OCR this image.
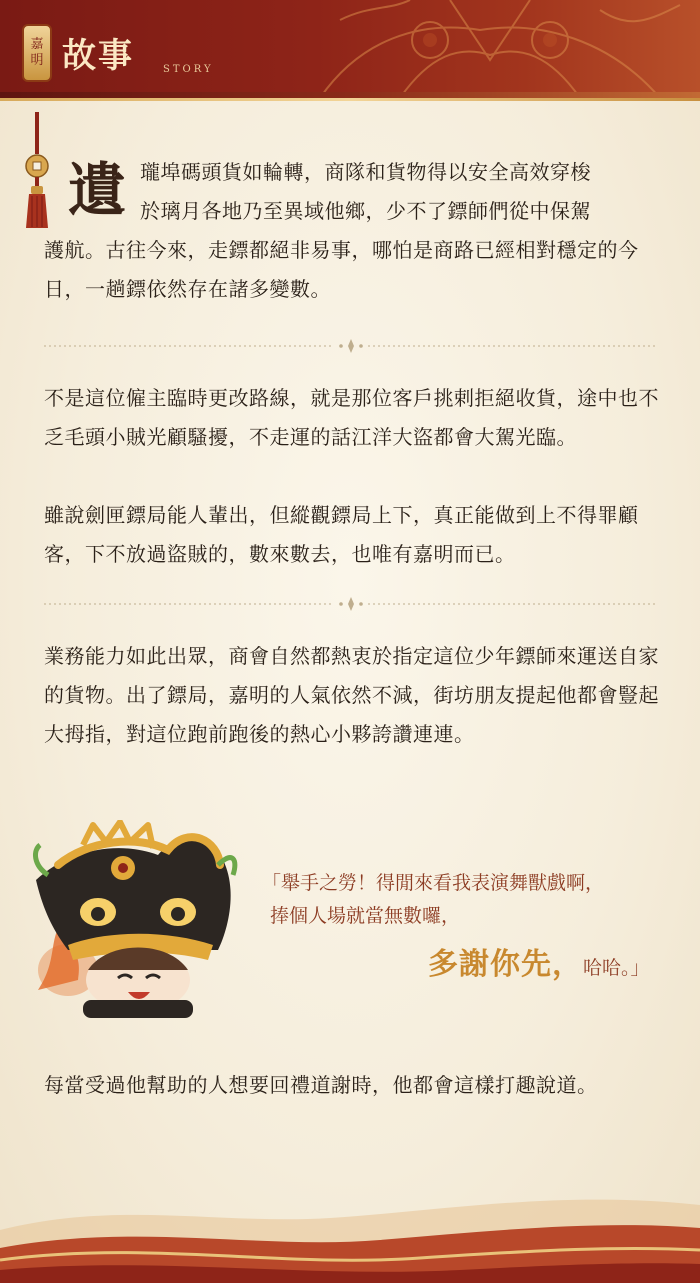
嘉
明 故事	STORY
遺 瓏埠碼頭貨如輪轉，商隊和貨物得以安全高效穿梭
於璃月各地乃至異域他鄉，少不了鏢師們從中保駕

護航。古往今來，走鏢都絕非易事，哪怕是商路已經相對穩定的今日，一趟鏢依然存在諸多變數。

不是這位僱主臨時更改路線，就是那位客戶挑剌拒絕收貨，途中也不乏毛頭小賊光顧騷擾，不走運的話江洋大盜都會大駕光臨。

雖說劍匣鏢局能人輩出，但縱觀鏢局上下，真正能做到上不得罪顧客，下不放過盜賊的，數來數去，也唯有嘉明而已。

業務能力如此出眾，商會自然都熱衷於指定這位少年鏢師來運送自家的貨物。出了鏢局，嘉明的人氣依然不減，街坊朋友提起他都會豎起大拇指，對這位跑前跑後的熱心小夥誇讚連連。

「舉手之勞！得閒來看我表演舞獸戲啊，
捧個人場就當無數囉，
多謝你先，哈哈。」

每當受過他幫助的人想要回禮道謝時，他都會這樣打趣說道。
